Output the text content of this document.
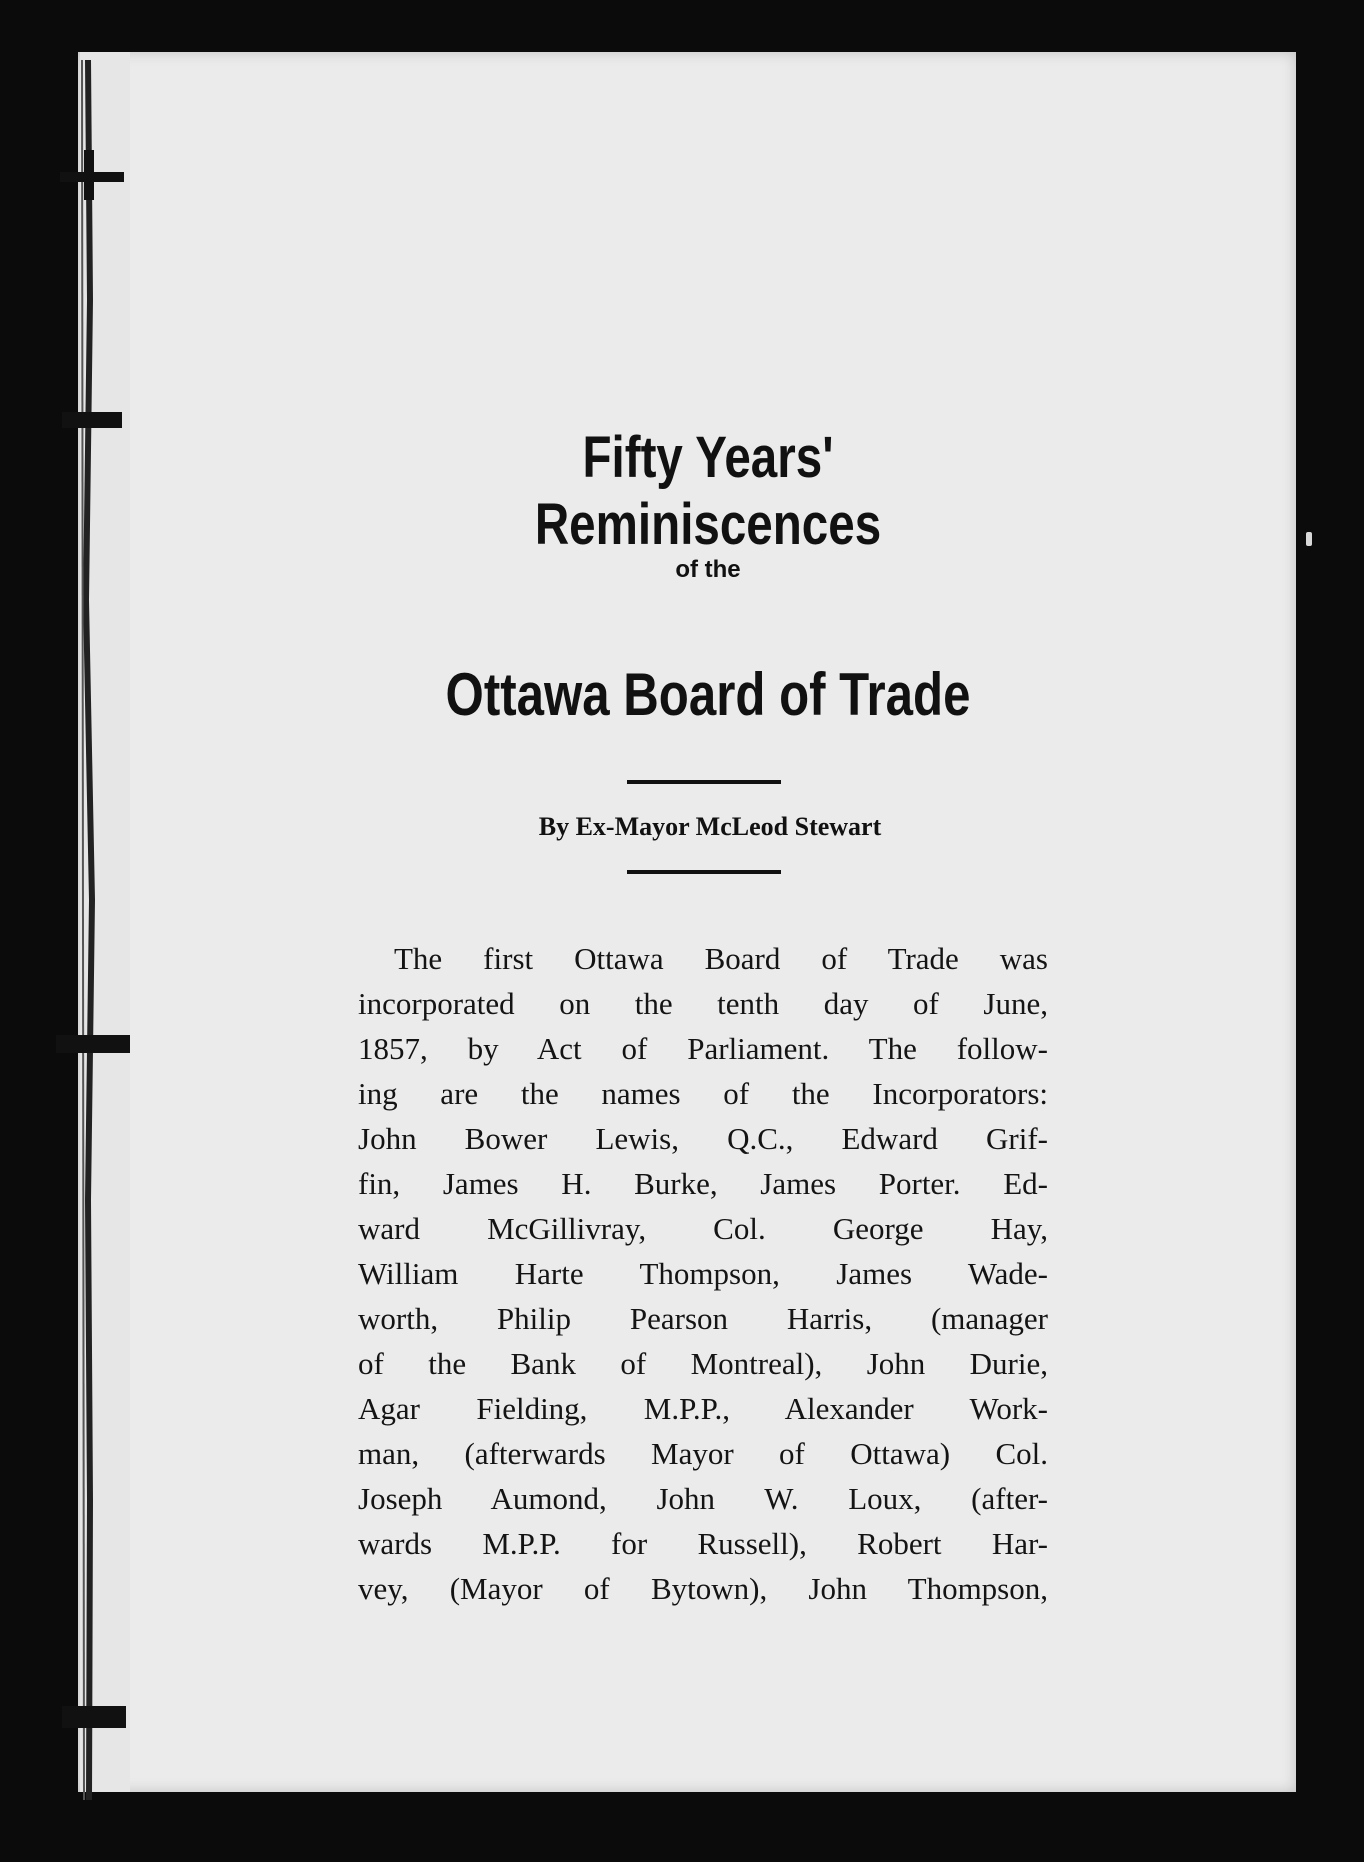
Fifty Years' Reminiscences
of the
Ottawa Board of Trade
By Ex-Mayor McLeod Stewart
The first Ottawa Board of Trade was
incorporated on the tenth day of June,
1857, by Act of Parliament. The follow-
ing are the names of the Incorporators:
John Bower Lewis, Q.C., Edward Grif-
fin, James H. Burke, James Porter. Ed-
ward McGillivray, Col. George Hay,
William Harte Thompson, James Wade-
worth, Philip Pearson Harris, (manager
of the Bank of Montreal), John Durie,
Agar Fielding, M.P.P., Alexander Work-
man, (afterwards Mayor of Ottawa) Col.
Joseph Aumond, John W. Loux, (after-
wards M.P.P. for Russell), Robert Har-
vey, (Mayor of Bytown), John Thompson,
